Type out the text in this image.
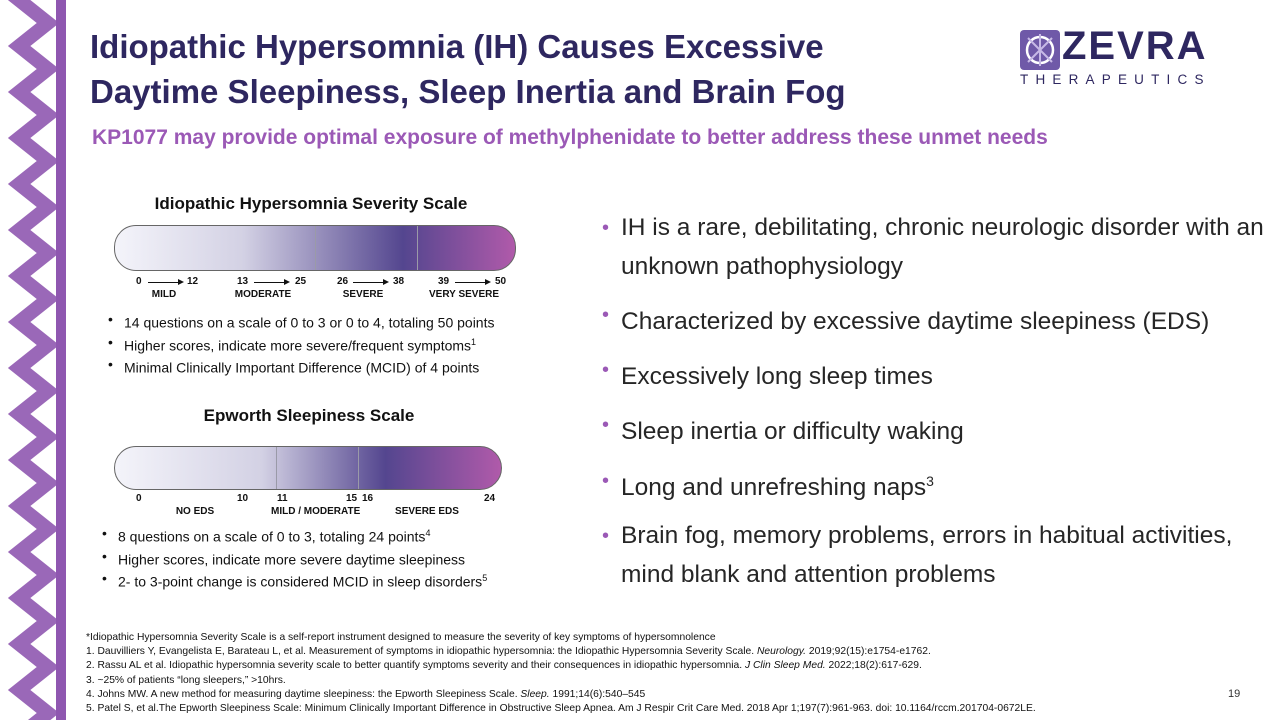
Idiopathic Hypersomnia (IH) Causes Excessive
Daytime Sleepiness, Sleep Inertia and Brain Fog
ZEVRA
THERAPEUTICS
KP1077 may provide optimal exposure of methylphenidate to better address these unmet needs
Idiopathic Hypersomnia Severity Scale
0	12	13	25	26	38	39	50
MILD	MODERATE	SEVERE	VERY SEVERE
• 14 questions on a scale of 0 to 3 or 0 to 4, totaling 50 points
• Higher scores, indicate more severe/frequent symptoms$^1$
• Minimal Clinically Important Difference (MCID) of 4 points
Epworth Sleepiness Scale
0	10	11	15 16	24
NO EDS	MILD / MODERATE	SEVERE EDS
• 8 questions on a scale of 0 to 3, totaling 24 points$^4$
• Higher scores, indicate more severe daytime sleepiness
• 2- to 3-point change is considered MCID in sleep disorders$^5$
• IH is a rare, debilitating, chronic neurologic disorder with an unknown pathophysiology
• Characterized by excessive daytime sleepiness (EDS)
• Excessively long sleep times
• Sleep inertia or difficulty waking
• Long and unrefreshing naps$^3$
• Brain fog, memory problems, errors in habitual activities, mind blank and attention problems
*Idiopathic Hypersomnia Severity Scale is a self-report instrument designed to measure the severity of key symptoms of hypersomnolence
1. Dauvilliers Y, Evangelista E, Barateau L, et al. Measurement of symptoms in idiopathic hypersomnia: the Idiopathic Hypersomnia Severity Scale. Neurology. 2019;92(15):e1754-e1762.
2. Rassu AL et al. Idiopathic hypersomnia severity scale to better quantify symptoms severity and their consequences in idiopathic hypersomnia. J Clin Sleep Med. 2022;18(2):617-629.
3. ~25% of patients “long sleepers,” >10hrs.
4. Johns MW. A new method for measuring daytime sleepiness: the Epworth Sleepiness Scale. Sleep. 1991;14(6):540–545
5. Patel S, et al.The Epworth Sleepiness Scale: Minimum Clinically Important Difference in Obstructive Sleep Apnea. Am J Respir Crit Care Med. 2018 Apr 1;197(7):961-963. doi: 10.1164/rccm.201704-0672LE.
19
